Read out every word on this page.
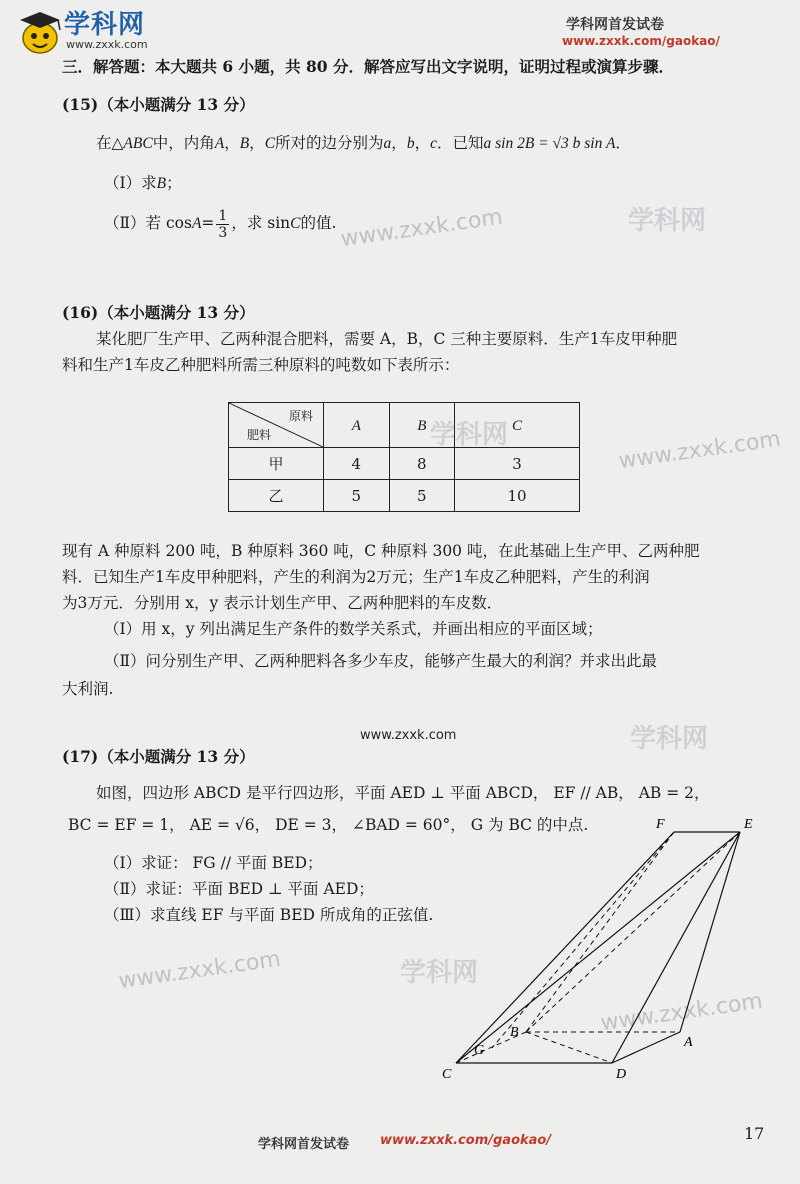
学科网
www.zxxk.com
学科网首发试卷
www.zxxk.com/gaokao/
学科网
www.zxxk.com
学科网	www.zxxk.com
学科网
www.zxxk.com	学科网
www.zxxk.com
三．解答题：本大题共 6 小题，共 80 分．解答应写出文字说明，证明过程或演算步骤．
(15)（本小题满分 13 分）
在△ABC中，内角A，B，C所对的边分别为a，b，c．已知a sin 2B = √3 b sin A．
（Ⅰ）求B；
（Ⅱ）若 $\cos A= \frac{1}{3}$ ，求 sinC的值.
(16)（本小题满分 13 分）
某化肥厂生产甲、乙两种混合肥料，需要 A，B，C 三种主要原料．生产1车皮甲种肥
料和生产1车皮乙种肥料所需三种原料的吨数如下表所示：
原料
肥料	A	B	C
甲	4	8	3
乙	5	5	10
现有 A 种原料 200 吨，B 种原料 360 吨，C 种原料 300 吨，在此基础上生产甲、乙两种肥
料．已知生产1车皮甲种肥料，产生的利润为2万元；生产1车皮乙种肥料，产生的利润
为3万元．分别用 x，y 表示计划生产甲、乙两种肥料的车皮数．
（Ⅰ）用 x，y 列出满足生产条件的数学关系式，并画出相应的平面区域；
（Ⅱ）问分别生产甲、乙两种肥料各多少车皮，能够产生最大的利润？并求出此最
大利润.
www.zxxk.com
(17)（本小题满分 13 分）
如图，四边形 ABCD 是平行四边形，平面 AED ⊥ 平面 ABCD， EF // AB， AB = 2，
BC = EF = 1， AE = √6， DE = 3， ∠BAD = 60°， G 为 BC 的中点.
（Ⅰ）求证： FG // 平面 BED；
（Ⅱ）求证：平面 BED ⊥ 平面 AED；
（Ⅲ）求直线 EF 与平面 BED 所成角的正弦值.
F	E
B
G
A
C	D
学科网首发试卷 www.zxxk.com/gaokao/	17
